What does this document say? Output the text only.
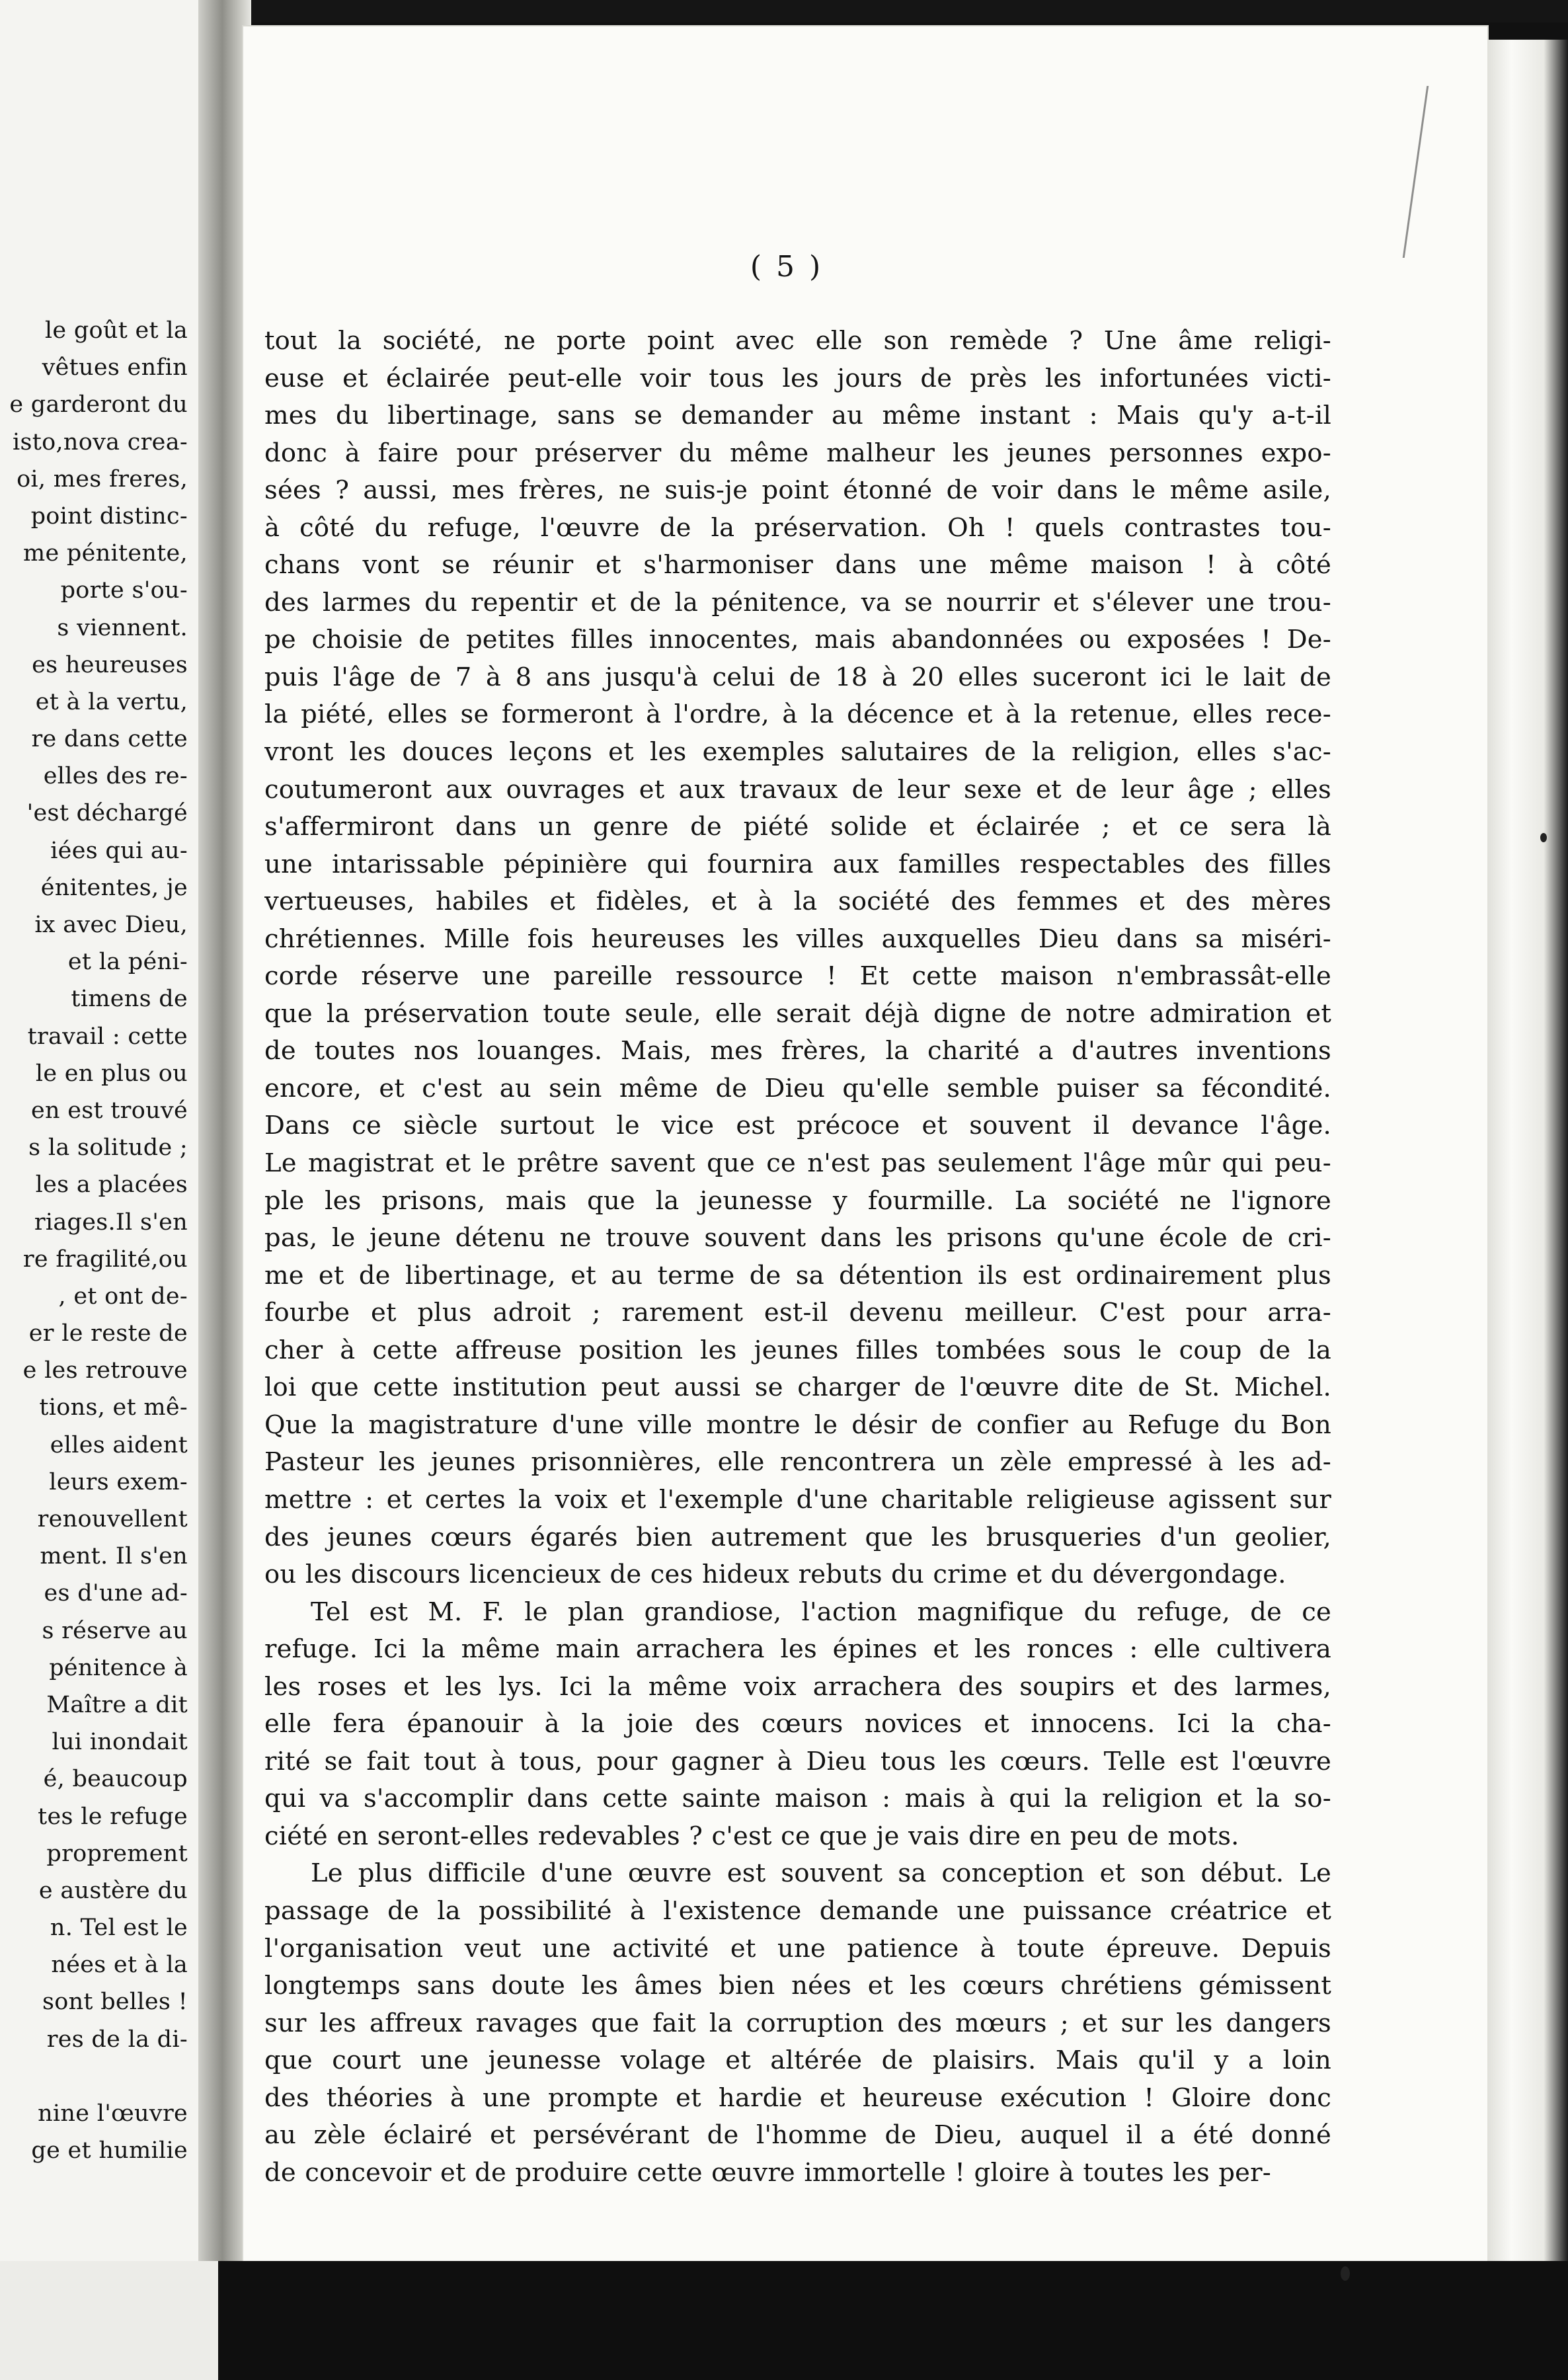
le goût et la
vêtues enfin
e garderont du
isto,nova crea-
oi, mes freres,
point distinc-
me pénitente,
porte s'ou-
s viennent.
es heureuses
et à la vertu,
re dans cette
elles des re-
'est déchargé
iées qui au-
énitentes, je
ix avec Dieu,
et la péni-
timens de
travail : cette
le en plus ou
en est trouvé
s la solitude ;
les a placées
riages.Il s'en
re fragilité,ou
, et ont de-
er le reste de
e les retrouve
tions, et mê-
elles aident
leurs exem-
renouvellent
ment. Il s'en
es d'une ad-
s réserve au
pénitence à
Maître a dit
lui inondait
é, beaucoup
tes le refuge
proprement
e austère du
n. Tel est le
nées et à la
sont belles !
res de la di-
nine l'œuvre
ge et humilie
( 5 )
tout la société, ne porte point avec elle son remède ? Une âme religi-
euse et éclairée peut-elle voir tous les jours de près les infortunées victi-
mes du libertinage, sans se demander au même instant : Mais qu'y a-t-il
donc à faire pour préserver du même malheur les jeunes personnes expo-
sées ? aussi, mes frères, ne suis-je point étonné de voir dans le même asile,
à côté du refuge, l'œuvre de la préservation. Oh ! quels contrastes tou-
chans vont se réunir et s'harmoniser dans une même maison ! à côté
des larmes du repentir et de la pénitence, va se nourrir et s'élever une trou-
pe choisie de petites filles innocentes, mais abandonnées ou exposées ! De-
puis l'âge de 7 à 8 ans jusqu'à celui de 18 à 20 elles suceront ici le lait de
la piété, elles se formeront à l'ordre, à la décence et à la retenue, elles rece-
vront les douces leçons et les exemples salutaires de la religion, elles s'ac-
coutumeront aux ouvrages et aux travaux de leur sexe et de leur âge ; elles
s'affermiront dans un genre de piété solide et éclairée ; et ce sera là
une intarissable pépinière qui fournira aux familles respectables des filles
vertueuses, habiles et fidèles, et à la société des femmes et des mères
chrétiennes. Mille fois heureuses les villes auxquelles Dieu dans sa miséri-
corde réserve une pareille ressource ! Et cette maison n'embrassât-elle
que la préservation toute seule, elle serait déjà digne de notre admiration et
de toutes nos louanges. Mais, mes frères, la charité a d'autres inventions
encore, et c'est au sein même de Dieu qu'elle semble puiser sa fécondité.
Dans ce siècle surtout le vice est précoce et souvent il devance l'âge.
Le magistrat et le prêtre savent que ce n'est pas seulement l'âge mûr qui peu-
ple les prisons, mais que la jeunesse y fourmille. La société ne l'ignore
pas, le jeune détenu ne trouve souvent dans les prisons qu'une école de cri-
me et de libertinage, et au terme de sa détention ils est ordinairement plus
fourbe et plus adroit ; rarement est-il devenu meilleur. C'est pour arra-
cher à cette affreuse position les jeunes filles tombées sous le coup de la
loi que cette institution peut aussi se charger de l'œuvre dite de St. Michel.
Que la magistrature d'une ville montre le désir de confier au Refuge du Bon
Pasteur les jeunes prisonnières, elle rencontrera un zèle empressé à les ad-
mettre : et certes la voix et l'exemple d'une charitable religieuse agissent sur
des jeunes cœurs égarés bien autrement que les brusqueries d'un geolier,
ou les discours licencieux de ces hideux rebuts du crime et du dévergondage.
Tel est M. F. le plan grandiose, l'action magnifique du refuge, de ce
refuge. Ici la même main arrachera les épines et les ronces : elle cultivera
les roses et les lys. Ici la même voix arrachera des soupirs et des larmes,
elle fera épanouir à la joie des cœurs novices et innocens. Ici la cha-
rité se fait tout à tous, pour gagner à Dieu tous les cœurs. Telle est l'œuvre
qui va s'accomplir dans cette sainte maison : mais à qui la religion et la so-
ciété en seront-elles redevables ? c'est ce que je vais dire en peu de mots.
Le plus difficile d'une œuvre est souvent sa conception et son début. Le
passage de la possibilité à l'existence demande une puissance créatrice et
l'organisation veut une activité et une patience à toute épreuve. Depuis
longtemps sans doute les âmes bien nées et les cœurs chrétiens gémissent
sur les affreux ravages que fait la corruption des mœurs ; et sur les dangers
que court une jeunesse volage et altérée de plaisirs. Mais qu'il y a loin
des théories à une prompte et hardie et heureuse exécution ! Gloire donc
au zèle éclairé et persévérant de l'homme de Dieu, auquel il a été donné
de concevoir et de produire cette œuvre immortelle ! gloire à toutes les per-
